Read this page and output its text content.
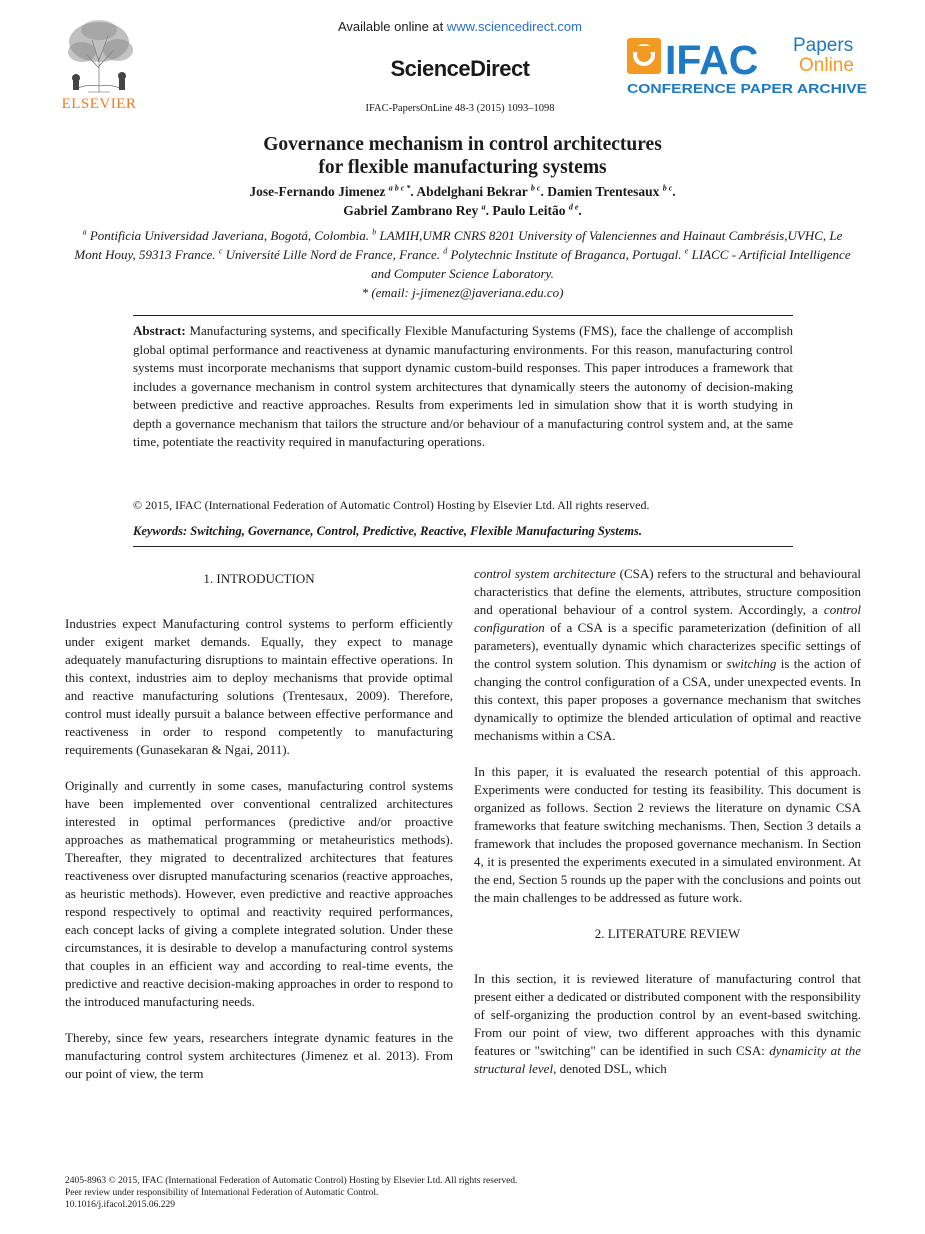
ELSEVIER
Available online at www.sciencedirect.com
ScienceDirect
IFAC-PapersOnLine 48-3 (2015) 1093–1098
IFAC Papers
Online
CONFERENCE PAPER ARCHIVE
Governance mechanism in control architectures
for flexible manufacturing systems
Jose-Fernando Jimenez $^{a b c *}$. Abdelghani Bekrar $^{b c}$. Damien Trentesaux $^{b c}$.
Gabriel Zambrano Rey $^a$. Paulo Leitão $^{d e}$.
$^a$ Pontificia Universidad Javeriana, Bogotá, Colombia. $^b$ LAMIH,UMR CNRS 8201 University of Valenciennes and Hainaut Cambrésis,UVHC, Le Mont Houy, 59313 France. $^c$ Université Lille Nord de France, France. $^d$ Polytechnic Institute of Braganca, Portugal. $^e$ LIACC - Artificial Intelligence and Computer Science Laboratory.
* (email: j-jimenez@javeriana.edu.co)
Abstract: Manufacturing systems, and specifically Flexible Manufacturing Systems (FMS), face the challenge of accomplish global optimal performance and reactiveness at dynamic manufacturing environments. For this reason, manufacturing control systems must incorporate mechanisms that support dynamic custom-build responses. This paper introduces a framework that includes a governance mechanism in control system architectures that dynamically steers the autonomy of decision-making between predictive and reactive approaches. Results from experiments led in simulation show that it is worth studying in depth a governance mechanism that tailors the structure and/or behaviour of a manufacturing control system and, at the same time, potentiate the reactivity required in manufacturing operations.
© 2015, IFAC (International Federation of Automatic Control) Hosting by Elsevier Ltd. All rights reserved.
Keywords: Switching, Governance, Control, Predictive, Reactive, Flexible Manufacturing Systems.
1. INTRODUCTION

Industries expect Manufacturing control systems to perform efficiently under exigent market demands. Equally, they expect to manage adequately manufacturing disruptions to maintain effective operations. In this context, industries aim to deploy mechanisms that provide optimal and reactive manufacturing solutions (Trentesaux, 2009). Therefore, control must ideally pursuit a balance between effective performance and reactiveness in order to respond competently to manufacturing requirements (Gunasekaran & Ngai, 2011).

Originally and currently in some cases, manufacturing control systems have been implemented over conventional centralized architectures interested in optimal performances (predictive and/or proactive approaches as mathematical programming or metaheuristics methods). Thereafter, they migrated to decentralized architectures that features reactiveness over disrupted manufacturing scenarios (reactive approaches, as heuristic methods). However, even predictive and reactive approaches respond respectively to optimal and reactivity required performances, each concept lacks of giving a complete integrated solution. Under these circumstances, it is desirable to develop a manufacturing control systems that couples in an efficient way and according to real-time events, the predictive and reactive decision-making approaches in order to respond to the introduced manufacturing needs.

Thereby, since few years, researchers integrate dynamic features in the manufacturing control system architectures (Jimenez et al. 2013). From our point of view, the term

control system architecture (CSA) refers to the structural and behavioural characteristics that define the elements, attributes, structure composition and operational behaviour of a control system. Accordingly, a control configuration of a CSA is a specific parameterization (definition of all parameters), eventually dynamic which characterizes specific settings of the control system solution. This dynamism or switching is the action of changing the control configuration of a CSA, under unexpected events. In this context, this paper proposes a governance mechanism that switches dynamically to optimize the blended articulation of optimal and reactive mechanisms within a CSA.

In this paper, it is evaluated the research potential of this approach. Experiments were conducted for testing its feasibility. This document is organized as follows. Section 2 reviews the literature on dynamic CSA frameworks that feature switching mechanisms. Then, Section 3 details a framework that includes the proposed governance mechanism. In Section 4, it is presented the experiments executed in a simulated environment. At the end, Section 5 rounds up the paper with the conclusions and points out the main challenges to be addressed as future work.

2. LITERATURE REVIEW

In this section, it is reviewed literature of manufacturing control that present either a dedicated or distributed component with the responsibility of self-organizing the production control by an event-based switching. From our point of view, two different approaches with this dynamic features or "switching" can be identified in such CSA: dynamicity at the structural level, denoted DSL, which

2405-8963 © 2015, IFAC (International Federation of Automatic Control) Hosting by Elsevier Ltd. All rights reserved.
Peer review under responsibility of International Federation of Automatic Control.
10.1016/j.ifacol.2015.06.229
